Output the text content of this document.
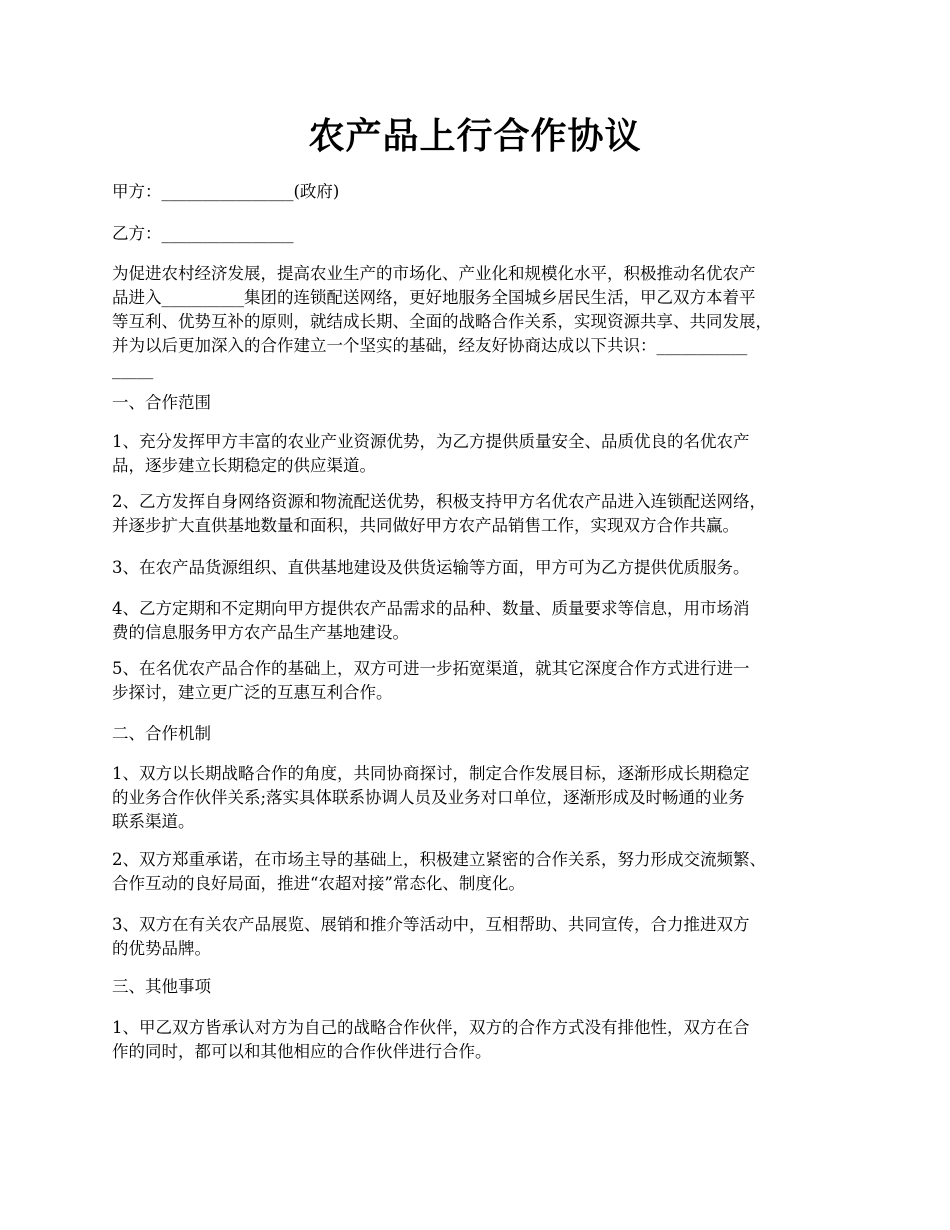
农产品上行合作协议
甲方：________________(政府)
乙方：________________
为促进农村经济发展，提高农业生产的市场化、产业化和规模化水平，积极推动名优农产
品进入__________集团的连锁配送网络，更好地服务全国城乡居民生活，甲乙双方本着平
等互利、优势互补的原则，就结成长期、全面的战略合作关系，实现资源共享、共同发展，
并为以后更加深入的合作建立一个坚实的基础，经友好协商达成以下共识：___________
_____
一、合作范围
1、充分发挥甲方丰富的农业产业资源优势，为乙方提供质量安全、品质优良的名优农产
品，逐步建立长期稳定的供应渠道。
2、乙方发挥自身网络资源和物流配送优势，积极支持甲方名优农产品进入连锁配送网络，
并逐步扩大直供基地数量和面积，共同做好甲方农产品销售工作，实现双方合作共赢。
3、在农产品货源组织、直供基地建设及供货运输等方面，甲方可为乙方提供优质服务。
4、乙方定期和不定期向甲方提供农产品需求的品种、数量、质量要求等信息，用市场消
费的信息服务甲方农产品生产基地建设。
5、在名优农产品合作的基础上，双方可进一步拓宽渠道，就其它深度合作方式进行进一
步探讨，建立更广泛的互惠互利合作。
二、合作机制
1、双方以长期战略合作的角度，共同协商探讨，制定合作发展目标，逐渐形成长期稳定
的业务合作伙伴关系;落实具体联系协调人员及业务对口单位，逐渐形成及时畅通的业务
联系渠道。
2、双方郑重承诺，在市场主导的基础上，积极建立紧密的合作关系，努力形成交流频繁、
合作互动的良好局面，推进“农超对接”常态化、制度化。
3、双方在有关农产品展览、展销和推介等活动中，互相帮助、共同宣传，合力推进双方
的优势品牌。
三、其他事项
1、甲乙双方皆承认对方为自己的战略合作伙伴，双方的合作方式没有排他性，双方在合
作的同时，都可以和其他相应的合作伙伴进行合作。
